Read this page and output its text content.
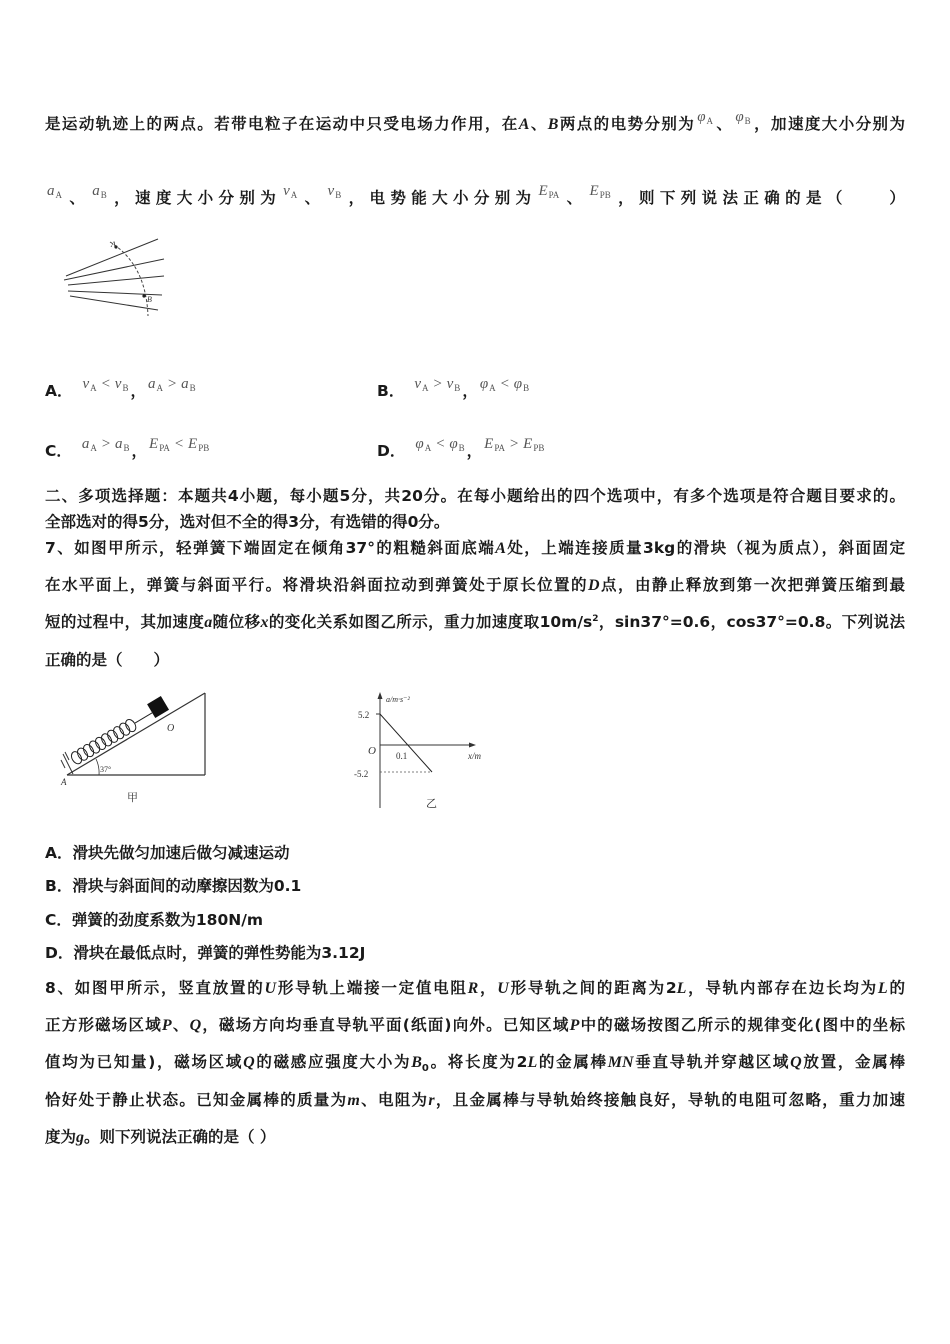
是运动轨迹上的两点。若带电粒子在运动中只受电场力作用，在A、B两点的电势分别为 $\varphi_A$ 、 $\varphi_B$ ，加速度大小分别为
$a_A$ 、 $a_B$ ，速度大小分别为 $v_A$ 、 $v_B$ ，电势能大小分别为 $E_{PA}$ 、 $E_{PB}$ ，则下列说法正确的是（　　）
A
B
A． $v_A < v_B$ ， $a_A > a_B$	B． $v_A > v_B$ ， $\varphi_A < \varphi_B$
C． $a_A > a_B$ ， $E_{PA} < E_{PB}$	D． $\varphi_A < \varphi_B$ ， $E_{PA} > E_{PB}$
二、多项选择题：本题共4小题，每小题5分，共20分。在每小题给出的四个选项中，有多个选项是符合题目要求的。
全部选对的得5分，选对但不全的得3分，有选错的得0分。
7、如图甲所示，轻弹簧下端固定在倾角37°的粗糙斜面底端A处，上端连接质量3kg的滑块（视为质点），斜面固定
在水平面上，弹簧与斜面平行。将滑块沿斜面拉动到弹簧处于原长位置的D点，由静止释放到第一次把弹簧压缩到最
短的过程中，其加速度a随位移x的变化关系如图乙所示，重力加速度取$10m/s^2$，sin37°=0.6，cos37°=0.8。下列说法
正确的是（　　）
37°
O
A
甲
a/m·s⁻²
5.2
O 0.1	x/m
-5.2
乙
A．滑块先做匀加速后做匀减速运动
B．滑块与斜面间的动摩擦因数为0.1
C．弹簧的劲度系数为180N/m
D．滑块在最低点时，弹簧的弹性势能为3.12J
8、如图甲所示，竖直放置的U形导轨上端接一定值电阻R，U形导轨之间的距离为2L，导轨内部存在边长均为L的
正方形磁场区域P、Q，磁场方向均垂直导轨平面(纸面)向外。已知区域P中的磁场按图乙所示的规律变化(图中的坐标
值均为已知量)，磁场区域Q的磁感应强度大小为$B_0$。将长度为2L的金属棒MN垂直导轨并穿越区域Q放置，金属棒
恰好处于静止状态。已知金属棒的质量为m、电阻为r，且金属棒与导轨始终接触良好，导轨的电阻可忽略，重力加速
度为g。则下列说法正确的是（ ）
